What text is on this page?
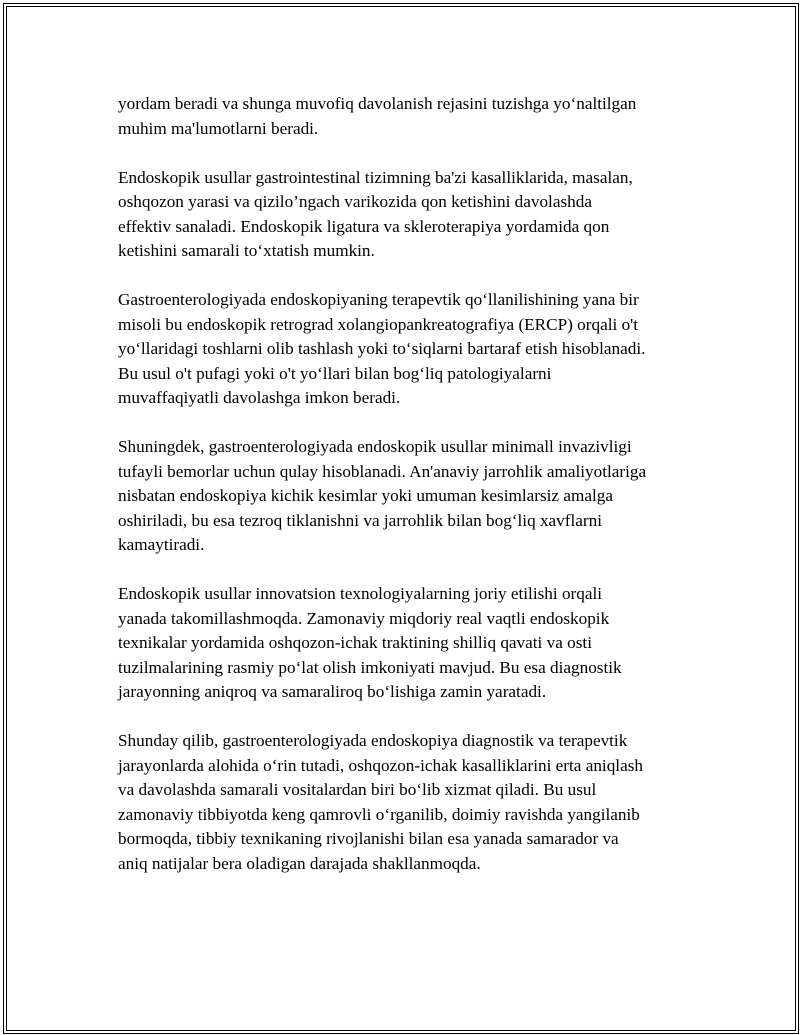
yordam beradi va shunga muvofiq davolanish rejasini tuzishga yo‘naltilgan
muhim ma'lumotlarni beradi.

Endoskopik usullar gastrointestinal tizimning ba'zi kasalliklarida, masalan,
oshqozon yarasi va qizilo’ngach varikozida qon ketishini davolashda
effektiv sanaladi. Endoskopik ligatura va skleroterapiya yordamida qon
ketishini samarali to‘xtatish mumkin.

Gastroenterologiyada endoskopiyaning terapevtik qo‘llanilishining yana bir
misoli bu endoskopik retrograd xolangiopankreatografiya (ERCP) orqali o't
yo‘llaridagi toshlarni olib tashlash yoki to‘siqlarni bartaraf etish hisoblanadi.
Bu usul o't pufagi yoki o't yo‘llari bilan bog‘liq patologiyalarni
muvaffaqiyatli davolashga imkon beradi.

Shuningdek, gastroenterologiyada endoskopik usullar minimall invazivligi
tufayli bemorlar uchun qulay hisoblanadi. An'anaviy jarrohlik amaliyotlariga
nisbatan endoskopiya kichik kesimlar yoki umuman kesimlarsiz amalga
oshiriladi, bu esa tezroq tiklanishni va jarrohlik bilan bog‘liq xavflarni
kamaytiradi.

Endoskopik usullar innovatsion texnologiyalarning joriy etilishi orqali
yanada takomillashmoqda. Zamonaviy miqdoriy real vaqtli endoskopik
texnikalar yordamida oshqozon-ichak traktining shilliq qavati va osti
tuzilmalarining rasmiy po‘lat olish imkoniyati mavjud. Bu esa diagnostik
jarayonning aniqroq va samaraliroq bo‘lishiga zamin yaratadi.

Shunday qilib, gastroenterologiyada endoskopiya diagnostik va terapevtik
jarayonlarda alohida o‘rin tutadi, oshqozon-ichak kasalliklarini erta aniqlash
va davolashda samarali vositalardan biri bo‘lib xizmat qiladi. Bu usul
zamonaviy tibbiyotda keng qamrovli o‘rganilib, doimiy ravishda yangilanib
bormoqda, tibbiy texnikaning rivojlanishi bilan esa yanada samarador va
aniq natijalar bera oladigan darajada shakllanmoqda.
